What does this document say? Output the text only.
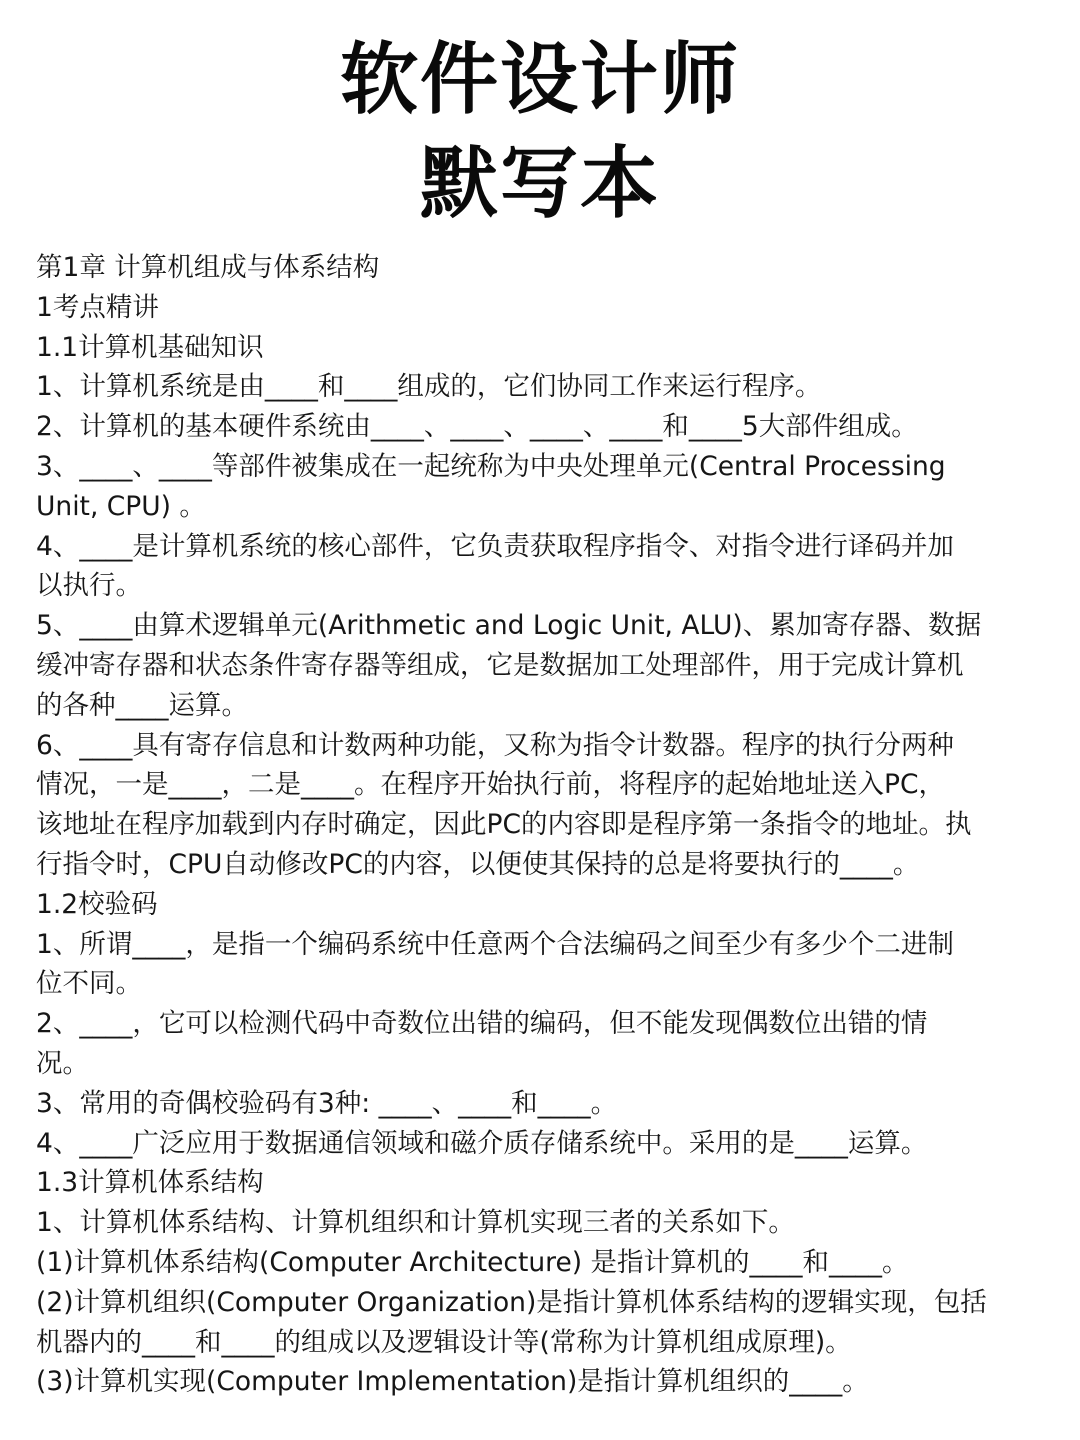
软件设计师
默写本
第1章 计算机组成与体系结构
1考点精讲
1.1计算机基础知识
1、计算机系统是由____和____组成的，它们协同工作来运行程序。
2、计算机的基本硬件系统由____、____、____、____和____5大部件组成。
3、____、____等部件被集成在一起统称为中央处理单元(Central Processing
Unit, CPU) 。
4、____是计算机系统的核心部件，它负责获取程序指令、对指令进行译码并加
以执行。
5、____由算术逻辑单元(Arithmetic and Logic Unit, ALU)、累加寄存器、数据
缓冲寄存器和状态条件寄存器等组成，它是数据加工处理部件，用于完成计算机
的各种____运算。
6、____具有寄存信息和计数两种功能，又称为指令计数器。程序的执行分两种
情况，一是____，二是____。在程序开始执行前，将程序的起始地址送入PC，
该地址在程序加载到内存时确定，因此PC的内容即是程序第一条指令的地址。执
行指令时，CPU自动修改PC的内容，以便使其保持的总是将要执行的____。
1.2校验码
1、所谓____，是指一个编码系统中任意两个合法编码之间至少有多少个二进制
位不同。
2、____，它可以检测代码中奇数位出错的编码，但不能发现偶数位出错的情
况。
3、常用的奇偶校验码有3种: ____、____和____。
4、____广泛应用于数据通信领域和磁介质存储系统中。采用的是____运算。
1.3计算机体系结构
1、计算机体系结构、计算机组织和计算机实现三者的关系如下。
(1)计算机体系结构(Computer Architecture) 是指计算机的____和____。
(2)计算机组织(Computer Organization)是指计算机体系结构的逻辑实现，包括
机器内的____和____的组成以及逻辑设计等(常称为计算机组成原理)。
(3)计算机实现(Computer Implementation)是指计算机组织的____。
